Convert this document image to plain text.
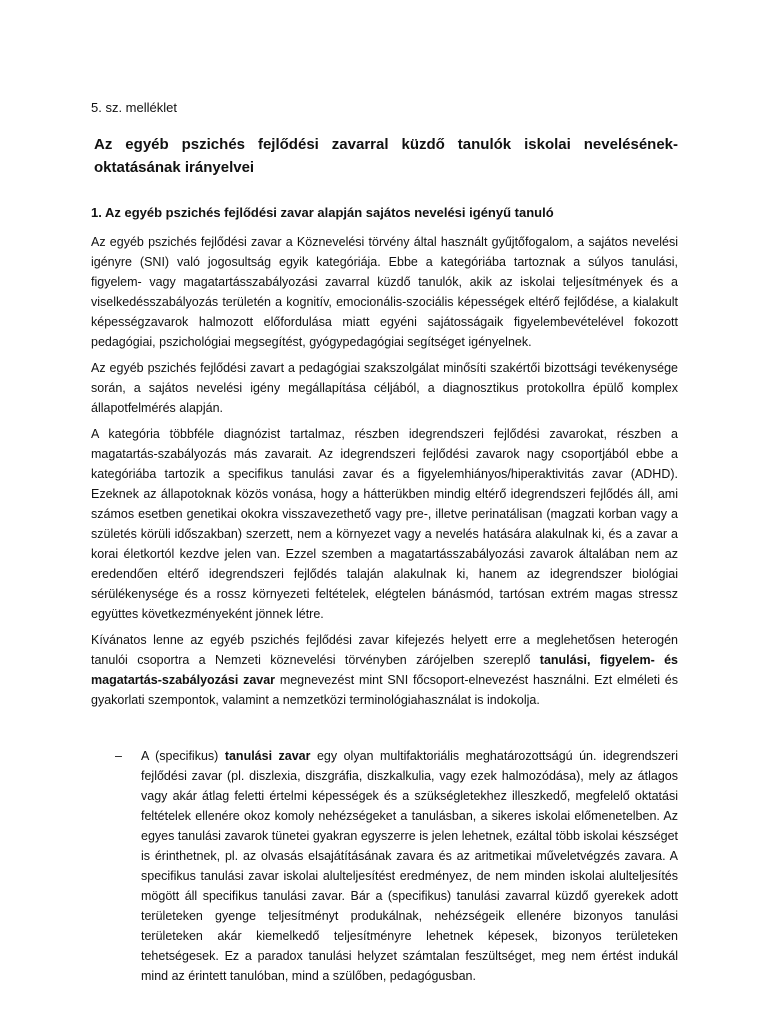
5. sz. melléklet
Az egyéb pszichés fejlődési zavarral küzdő tanulók iskolai nevelésének-oktatásának irányelvei
1. Az egyéb pszichés fejlődési zavar alapján sajátos nevelési igényű tanuló

Az egyéb pszichés fejlődési zavar a Köznevelési törvény által használt gyűjtőfogalom, a sajátos nevelési igényre (SNI) való jogosultság egyik kategóriája. Ebbe a kategóriába tartoznak a súlyos tanulási, figyelem- vagy magatartásszabályozási zavarral küzdő tanulók, akik az iskolai teljesítmények és a viselkedésszabályozás területén a kognitív, emocionális-szociális képességek eltérő fejlődése, a kialakult képességzavarok halmozott előfordulása miatt egyéni sajátosságaik figyelembevételével fokozott pedagógiai, pszichológiai megsegítést, gyógypedagógiai segítséget igényelnek.

Az egyéb pszichés fejlődési zavart a pedagógiai szakszolgálat minősíti szakértői bizottsági tevékenysége során, a sajátos nevelési igény megállapítása céljából, a diagnosztikus protokollra épülő komplex állapotfelmérés alapján.

A kategória többféle diagnózist tartalmaz, részben idegrendszeri fejlődési zavarokat, részben a magatartás-szabályozás más zavarait. Az idegrendszeri fejlődési zavarok nagy csoportjából ebbe a kategóriába tartozik a specifikus tanulási zavar és a figyelemhiányos/hiperaktivitás zavar (ADHD). Ezeknek az állapotoknak közös vonása, hogy a hátterükben mindig eltérő idegrendszeri fejlődés áll, ami számos esetben genetikai okokra visszavezethető vagy pre-, illetve perinatálisan (magzati korban vagy a születés körüli időszakban) szerzett, nem a környezet vagy a nevelés hatására alakulnak ki, és a zavar a korai életkortól kezdve jelen van. Ezzel szemben a magatartásszabályozási zavarok általában nem az eredendően eltérő idegrendszeri fejlődés talaján alakulnak ki, hanem az idegrendszer biológiai sérülékenysége és a rossz környezeti feltételek, elégtelen bánásmód, tartósan extrém magas stressz együttes következményeként jönnek létre.

Kívánatos lenne az egyéb pszichés fejlődési zavar kifejezés helyett erre a meglehetősen heterogén tanulói csoportra a Nemzeti köznevelési törvényben zárójelben szereplő tanulási, figyelem- és magatartás-szabályozási zavar megnevezést mint SNI főcsoport-elnevezést használni. Ezt elméleti és gyakorlati szempontok, valamint a nemzetközi terminológiahasználat is indokolja.

– A (specifikus) tanulási zavar egy olyan multifaktoriális meghatározottságú ún. idegrendszeri fejlődési zavar (pl. diszlexia, diszgráfia, diszkalkulia, vagy ezek halmozódása), mely az átlagos vagy akár átlag feletti értelmi képességek és a szükségletekhez illeszkedő, megfelelő oktatási feltételek ellenére okoz komoly nehézségeket a tanulásban, a sikeres iskolai előmenetelben. Az egyes tanulási zavarok tünetei gyakran egyszerre is jelen lehetnek, ezáltal több iskolai készséget is érinthetnek, pl. az olvasás elsajátításának zavara és az aritmetikai műveletvégzés zavara. A specifikus tanulási zavar iskolai alulteljesítést eredményez, de nem minden iskolai alulteljesítés mögött áll specifikus tanulási zavar. Bár a (specifikus) tanulási zavarral küzdő gyerekek adott területeken gyenge teljesítményt produkálnak, nehézségeik ellenére bizonyos tanulási területeken akár kiemelkedő teljesítményre lehetnek képesek, bizonyos területeken tehetségesek. Ez a paradox tanulási helyzet számtalan feszültséget, meg nem értést indukál mind az érintett tanulóban, mind a szülőben, pedagógusban.
